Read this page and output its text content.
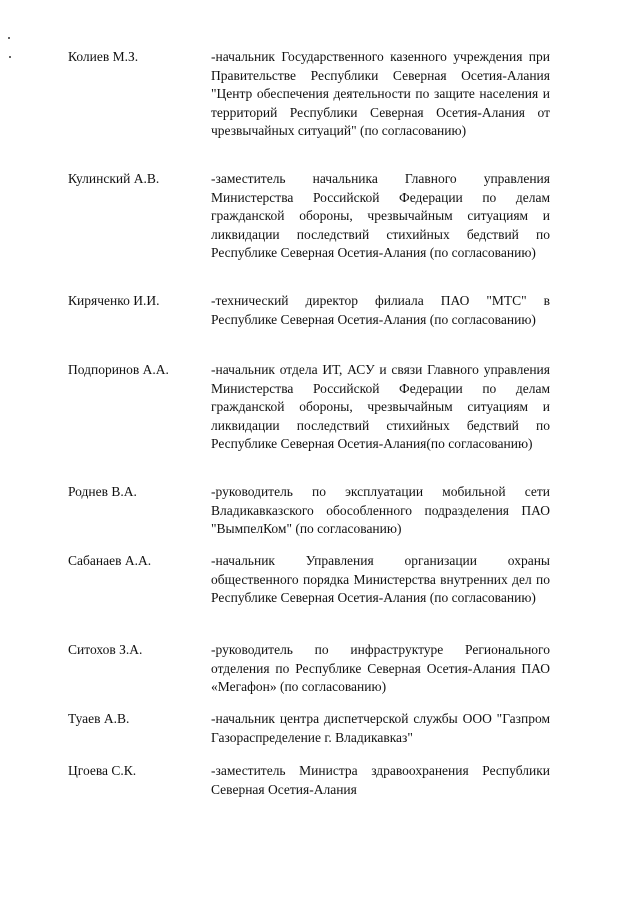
Колиев М.З.	-начальник Государственного казенного учреждения при Правительстве Республики Северная Осетия-Алания "Центр обеспечения деятельности по защите населения и территорий Республики Северная Осетия-Алания от чрезвычайных ситуаций" (по согласованию)
Кулинский А.В.	-заместитель начальника Главного управления Министерства Российской Федерации по делам гражданской обороны, чрезвычайным ситуациям и ликвидации последствий стихийных бедствий по Республике Северная Осетия-Алания (по согласованию)
Киряченко И.И.	-технический директор филиала ПАО "МТС" в Республике Северная Осетия-Алания (по согласованию)
Подпоринов А.А.	-начальник отдела ИТ, АСУ и связи Главного управления Министерства Российской Федерации по делам гражданской обороны, чрезвычайным ситуациям и ликвидации последствий стихийных бедствий по Республике Северная Осетия-Алания(по согласованию)
Роднев В.А.	-руководитель по эксплуатации мобильной сети Владикавказского обособленного подразделения ПАО "ВымпелКом" (по согласованию)
Сабанаев А.А.	-начальник Управления организации охраны общественного порядка Министерства внутренних дел по Республике Северная Осетия-Алания (по согласованию)
Ситохов З.А.	-руководитель по инфраструктуре Регионального отделения по Республике Северная Осетия-Алания ПАО «Мегафон» (по согласованию)
Туаев А.В.	-начальник центра диспетчерской службы ООО "Газпром Газораспределение г. Владикавказ"
Цгоева С.К.	-заместитель Министра здравоохранения Республики Северная Осетия-Алания
